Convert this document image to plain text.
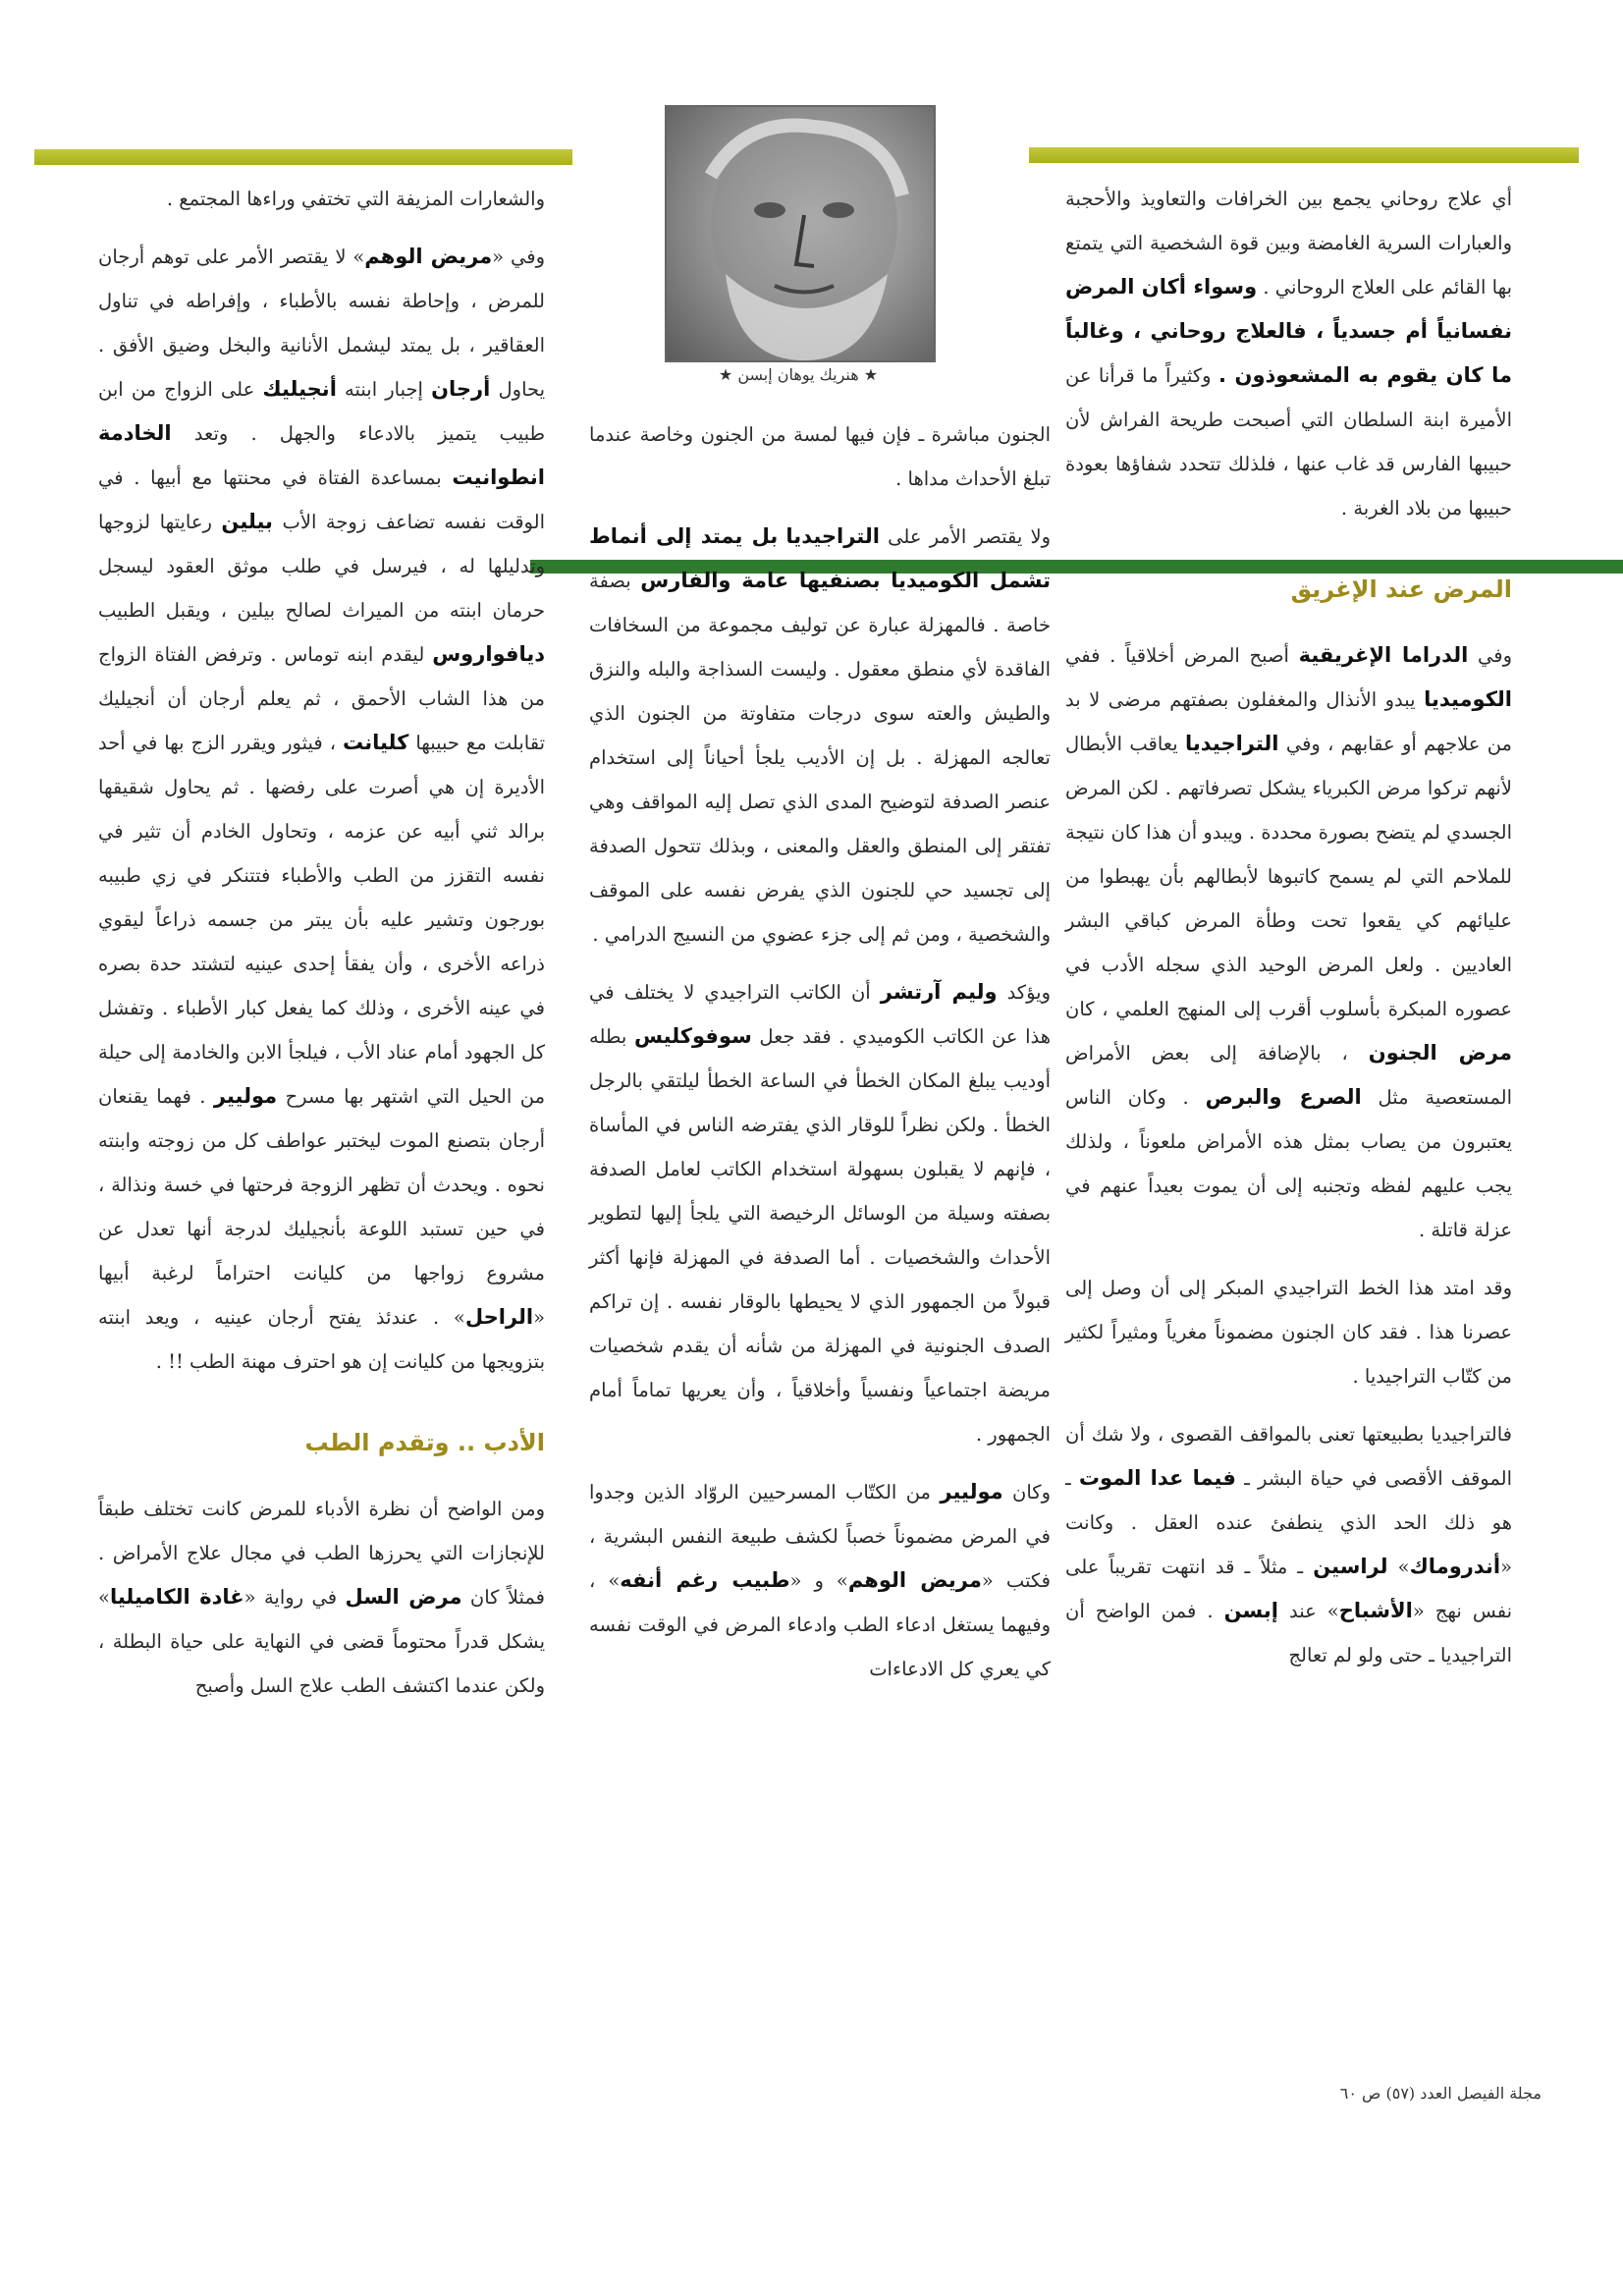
★ هنريك يوهان إبسن ★

أي علاج روحاني يجمع بين الخرافات والتعاويذ والأحجبة والعبارات السرية الغامضة وبين قوة الشخصية التي يتمتع بها القائم على العلاج الروحاني . وسواء أكان المرض نفسانياً أم جسدياً ، فالعلاج روحاني ، وغالباً ما كان يقوم به المشعوذون . وكثيراً ما قرأنا عن الأميرة ابنة السلطان التي أصبحت طريحة الفراش لأن حبيبها الفارس قد غاب عنها ، فلذلك تتحدد شفاؤها بعودة حبيبها من بلاد الغربة .

المرض عند الإغريق

وفي الدراما الإغريقية أصبح المرض أخلاقياً . ففي الكوميديا يبدو الأنذال والمغفلون بصفتهم مرضى لا بد من علاجهم أو عقابهم ، وفي التراجيديا يعاقب الأبطال لأنهم تركوا مرض الكبرياء يشكل تصرفاتهم . لكن المرض الجسدي لم يتضح بصورة محددة . ويبدو أن هذا كان نتيجة للملاحم التي لم يسمح كاتبوها لأبطالهم بأن يهبطوا من عليائهم كي يقعوا تحت وطأة المرض كباقي البشر العاديين . ولعل المرض الوحيد الذي سجله الأدب في عصوره المبكرة بأسلوب أقرب إلى المنهج العلمي ، كان مرض الجنون ، بالإضافة إلى بعض الأمراض المستعصية مثل الصرع والبرص . وكان الناس يعتبرون من يصاب بمثل هذه الأمراض ملعوناً ، ولذلك يجب عليهم لفظه وتجنبه إلى أن يموت بعيداً عنهم في عزلة قاتلة .

وقد امتد هذا الخط التراجيدي المبكر إلى أن وصل إلى عصرنا هذا . فقد كان الجنون مضموناً مغرياً ومثيراً لكثير من كتّاب التراجيديا .

فالتراجيديا بطبيعتها تعنى بالمواقف القصوى ، ولا شك أن الموقف الأقصى في حياة البشر ـ فيما عدا الموت ـ هو ذلك الحد الذي ينطفئ عنده العقل . وكانت «أندروماك» لراسين ـ مثلاً ـ قد انتهت تقريباً على نفس نهج «الأشباح» عند إبسن . فمن الواضح أن التراجيديا ـ حتى ولو لم تعالج

الجنون مباشرة ـ فإن فيها لمسة من الجنون وخاصة عندما تبلغ الأحداث مداها .

ولا يقتصر الأمر على التراجيديا بل يمتد إلى أنماط تشمل الكوميديا بصنفيها عامة والفارس بصفة خاصة . فالمهزلة عبارة عن توليف مجموعة من السخافات الفاقدة لأي منطق معقول . وليست السذاجة والبله والنزق والطيش والعته سوى درجات متفاوتة من الجنون الذي تعالجه المهزلة . بل إن الأديب يلجأ أحياناً إلى استخدام عنصر الصدفة لتوضيح المدى الذي تصل إليه المواقف وهي تفتقر إلى المنطق والعقل والمعنى ، وبذلك تتحول الصدفة إلى تجسيد حي للجنون الذي يفرض نفسه على الموقف والشخصية ، ومن ثم إلى جزء عضوي من النسيج الدرامي .

ويؤكد وليم آرتشر أن الكاتب التراجيدي لا يختلف في هذا عن الكاتب الكوميدي . فقد جعل سوفوكليس بطله أوديب يبلغ المكان الخطأ في الساعة الخطأ ليلتقي بالرجل الخطأ . ولكن نظراً للوقار الذي يفترضه الناس في المأساة ، فإنهم لا يقبلون بسهولة استخدام الكاتب لعامل الصدفة بصفته وسيلة من الوسائل الرخيصة التي يلجأ إليها لتطوير الأحداث والشخصيات . أما الصدفة في المهزلة فإنها أكثر قبولاً من الجمهور الذي لا يحيطها بالوقار نفسه . إن تراكم الصدف الجنونية في المهزلة من شأنه أن يقدم شخصيات مريضة اجتماعياً ونفسياً وأخلاقياً ، وأن يعريها تماماً أمام الجمهور .

وكان موليير من الكتّاب المسرحيين الروّاد الذين وجدوا في المرض مضموناً خصباً لكشف طبيعة النفس البشرية ، فكتب «مريض الوهم» و «طبيب رغم أنفه» ، وفيهما يستغل ادعاء الطب وادعاء المرض في الوقت نفسه كي يعري كل الادعاءات

والشعارات المزيفة التي تختفي وراءها المجتمع .

وفي «مريض الوهم» لا يقتصر الأمر على توهم أرجان للمرض ، وإحاطة نفسه بالأطباء ، وإفراطه في تناول العقاقير ، بل يمتد ليشمل الأنانية والبخل وضيق الأفق . يحاول أرجان إجبار ابنته أنجيليك على الزواج من ابن طبيب يتميز بالادعاء والجهل . وتعد الخادمة انطوانيت بمساعدة الفتاة في محنتها مع أبيها . في الوقت نفسه تضاعف زوجة الأب بيلين رعايتها لزوجها وتدليلها له ، فيرسل في طلب موثق العقود ليسجل حرمان ابنته من الميراث لصالح بيلين ، ويقبل الطبيب ديافواروس ليقدم ابنه توماس . وترفض الفتاة الزواج من هذا الشاب الأحمق ، ثم يعلم أرجان أن أنجيليك تقابلت مع حبيبها كليانت ، فيثور ويقرر الزج بها في أحد الأديرة إن هي أصرت على رفضها . ثم يحاول شقيقها برالد ثني أبيه عن عزمه ، وتحاول الخادم أن تثير في نفسه التقزز من الطب والأطباء فتتنكر في زي طبيبه بورجون وتشير عليه بأن يبتر من جسمه ذراعاً ليقوي ذراعه الأخرى ، وأن يفقأ إحدى عينيه لتشتد حدة بصره في عينه الأخرى ، وذلك كما يفعل كبار الأطباء . وتفشل كل الجهود أمام عناد الأب ، فيلجأ الابن والخادمة إلى حيلة من الحيل التي اشتهر بها مسرح موليير . فهما يقنعان أرجان بتصنع الموت ليختبر عواطف كل من زوجته وابنته نحوه . ويحدث أن تظهر الزوجة فرحتها في خسة ونذالة ، في حين تستبد اللوعة بأنجيليك لدرجة أنها تعدل عن مشروع زواجها من كليانت احتراماً لرغبة أبيها «الراحل» . عندئذ يفتح أرجان عينيه ، ويعد ابنته بتزويجها من كليانت إن هو احترف مهنة الطب !! .

الأدب .. وتقدم الطب

ومن الواضح أن نظرة الأدباء للمرض كانت تختلف طبقاً للإنجازات التي يحرزها الطب في مجال علاج الأمراض . فمثلاً كان مرض السل في رواية «غادة الكاميليا» يشكل قدراً محتوماً قضى في النهاية على حياة البطلة ، ولكن عندما اكتشف الطب علاج السل وأصبح

مجلة الفيصل العدد (٥٧) ص ٦٠
